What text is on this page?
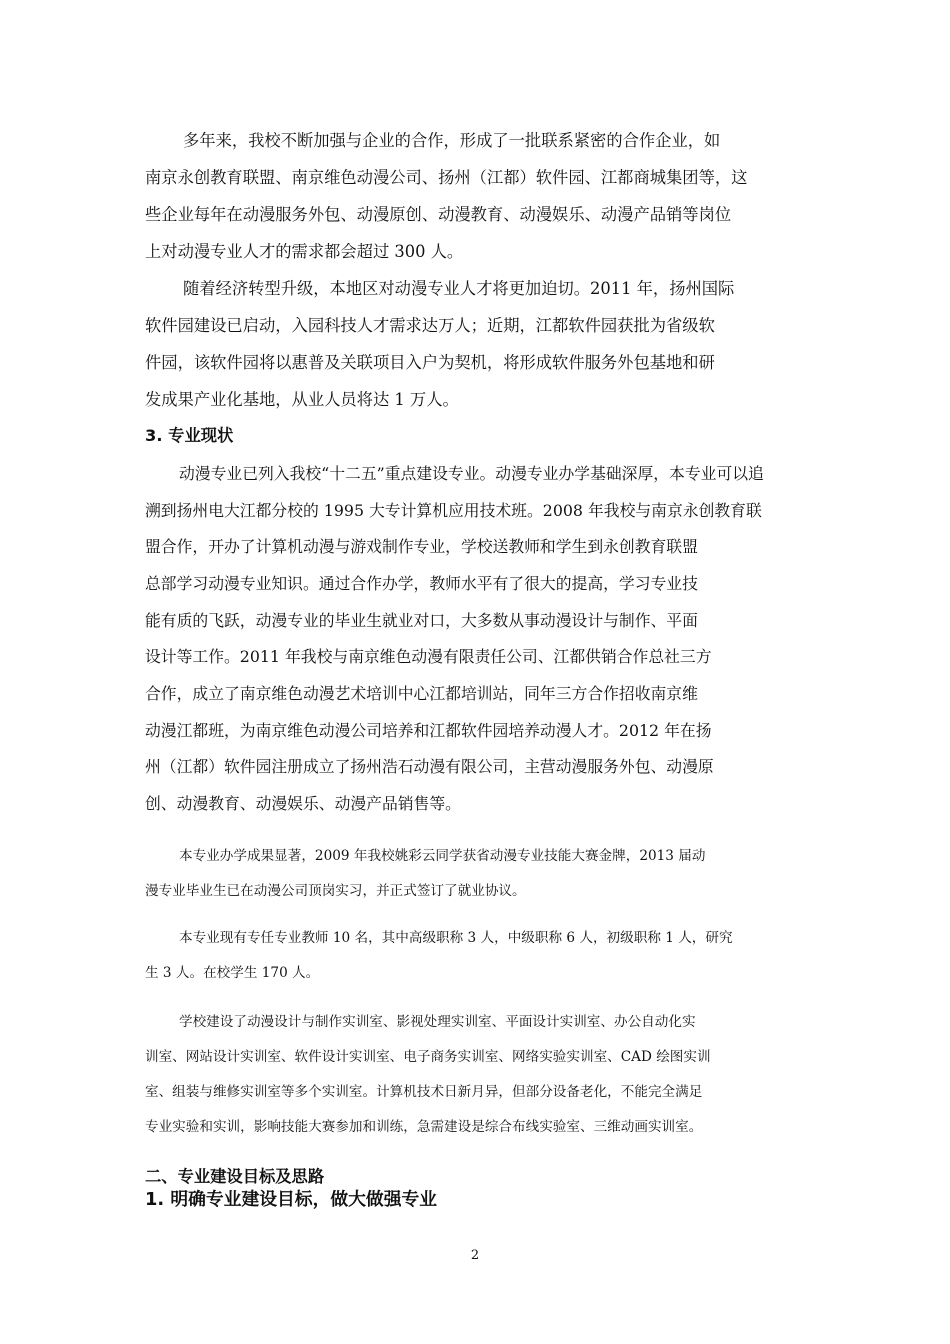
多年来，我校不断加强与企业的合作，形成了一批联系紧密的合作企业，如
南京永创教育联盟、南京维色动漫公司、扬州（江都）软件园、江都商城集团等，这
些企业每年在动漫服务外包、动漫原创、动漫教育、动漫娱乐、动漫产品销等岗位
上对动漫专业人才的需求都会超过 300 人。
随着经济转型升级，本地区对动漫专业人才将更加迫切。2011 年，扬州国际
软件园建设已启动，入园科技人才需求达万人；近期，江都软件园获批为省级软
件园，该软件园将以惠普及关联项目入户为契机，将形成软件服务外包基地和研
发成果产业化基地，从业人员将达 1 万人。
3. 专业现状
动漫专业已列入我校“十二五”重点建设专业。动漫专业办学基础深厚，本专业可以追
溯到扬州电大江都分校的 1995 大专计算机应用技术班。2008 年我校与南京永创教育联
盟合作，开办了计算机动漫与游戏制作专业，学校送教师和学生到永创教育联盟
总部学习动漫专业知识。通过合作办学，教师水平有了很大的提高，学习专业技
能有质的飞跃，动漫专业的毕业生就业对口，大多数从事动漫设计与制作、平面
设计等工作。2011 年我校与南京维色动漫有限责任公司、江都供销合作总社三方
合作，成立了南京维色动漫艺术培训中心江都培训站，同年三方合作招收南京维
动漫江都班，为南京维色动漫公司培养和江都软件园培养动漫人才。2012 年在扬
州（江都）软件园注册成立了扬州浩石动漫有限公司，主营动漫服务外包、动漫原
创、动漫教育、动漫娱乐、动漫产品销售等。
本专业办学成果显著，2009 年我校姚彩云同学获省动漫专业技能大赛金牌，2013 届动
漫专业毕业生已在动漫公司顶岗实习，并正式签订了就业协议。
本专业现有专任专业教师 10 名，其中高级职称 3 人，中级职称 6 人，初级职称 1 人，研究
生 3 人。在校学生 170 人。
学校建设了动漫设计与制作实训室、影视处理实训室、平面设计实训室、办公自动化实
训室、网站设计实训室、软件设计实训室、电子商务实训室、网络实验实训室、CAD 绘图实训
室、组装与维修实训室等多个实训室。计算机技术日新月异，但部分设备老化，不能完全满足
专业实验和实训，影响技能大赛参加和训练，急需建设是综合布线实验室、三维动画实训室。
二、专业建设目标及思路
1. 明确专业建设目标，做大做强专业
2
